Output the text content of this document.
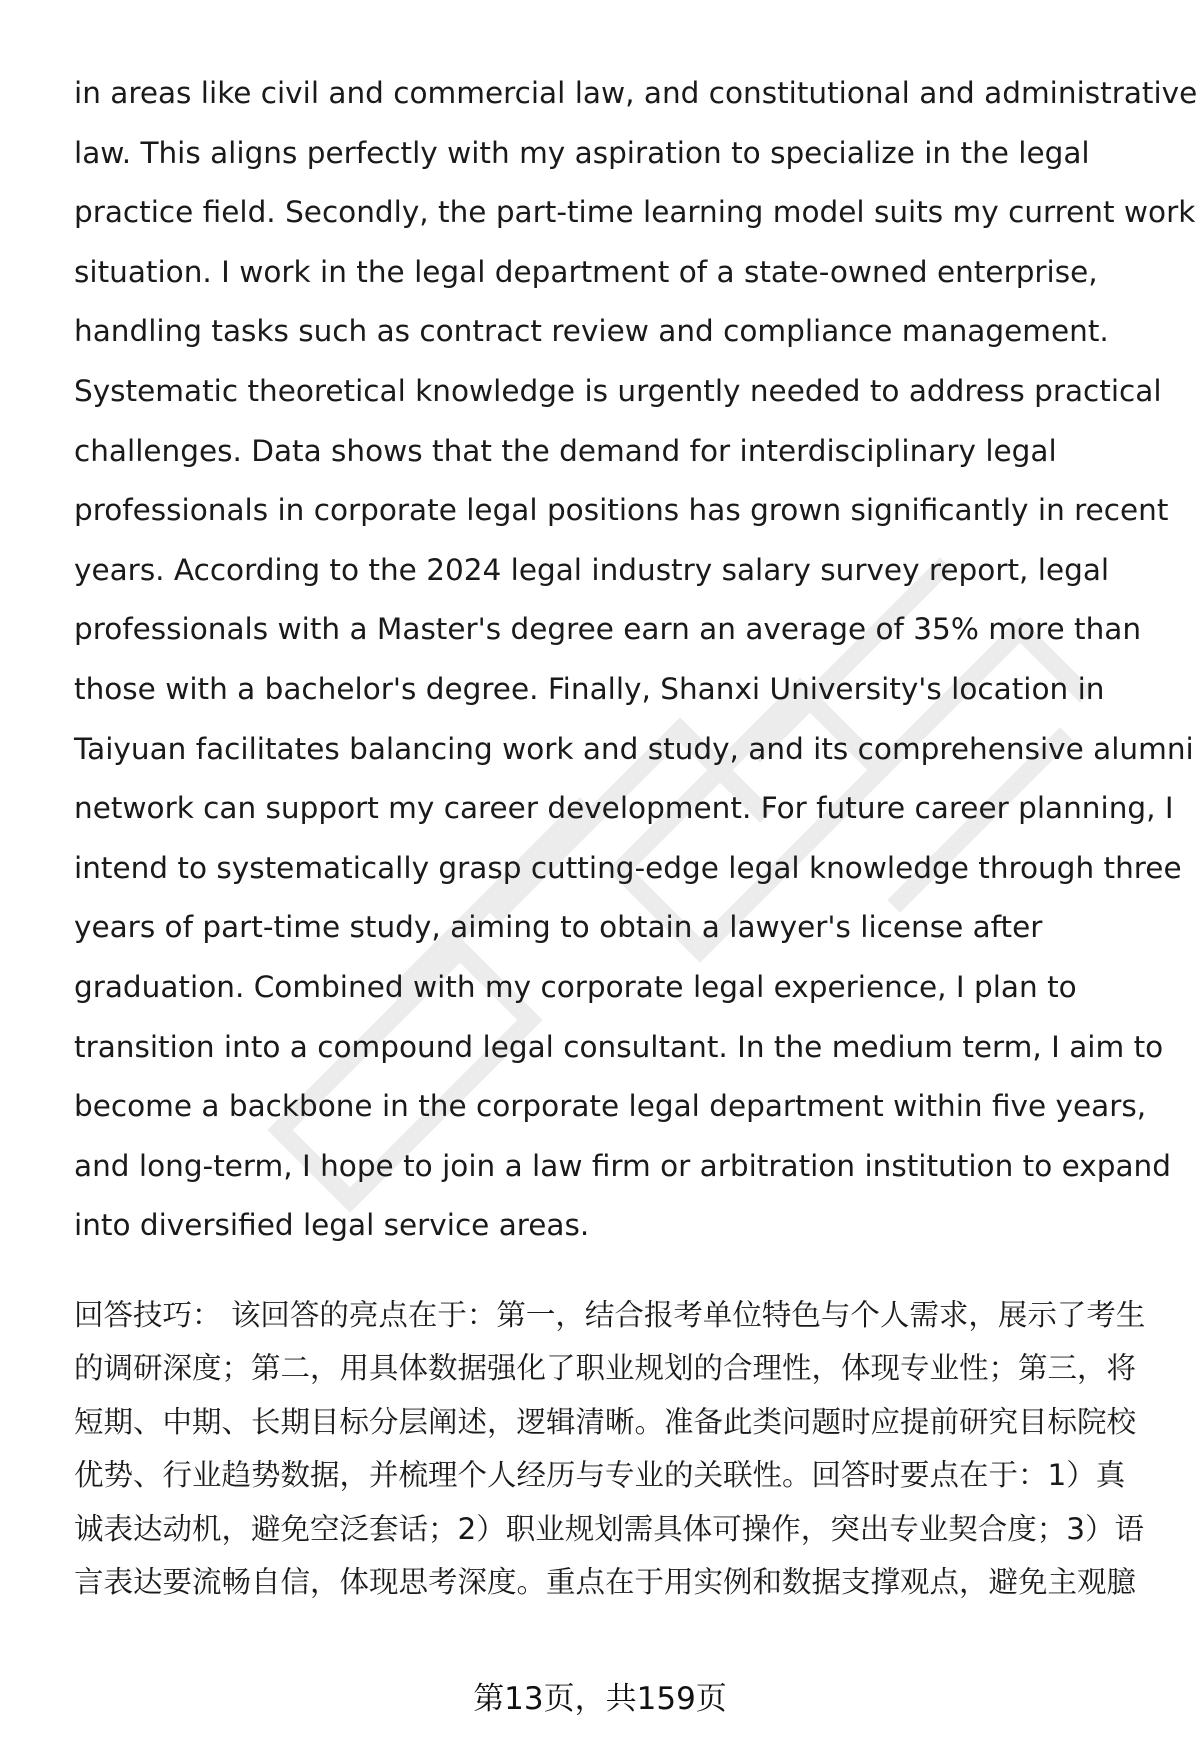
in areas like civil and commercial law, and constitutional and administrative
law. This aligns perfectly with my aspiration to specialize in the legal
practice field. Secondly, the part-time learning model suits my current work
situation. I work in the legal department of a state-owned enterprise,
handling tasks such as contract review and compliance management.
Systematic theoretical knowledge is urgently needed to address practical
challenges. Data shows that the demand for interdisciplinary legal
professionals in corporate legal positions has grown significantly in recent
years. According to the 2024 legal industry salary survey report, legal
professionals with a Master's degree earn an average of 35% more than
those with a bachelor's degree. Finally, Shanxi University's location in
Taiyuan facilitates balancing work and study, and its comprehensive alumni
network can support my career development. For future career planning, I
intend to systematically grasp cutting-edge legal knowledge through three
years of part-time study, aiming to obtain a lawyer's license after
graduation. Combined with my corporate legal experience, I plan to
transition into a compound legal consultant. In the medium term, I aim to
become a backbone in the corporate legal department within five years,
and long-term, I hope to join a law firm or arbitration institution to expand
into diversified legal service areas.
回答技巧： 该回答的亮点在于：第一，结合报考单位特色与个人需求，展示了考生
的调研深度；第二，用具体数据强化了职业规划的合理性，体现专业性；第三，将
短期、中期、长期目标分层阐述，逻辑清晰。准备此类问题时应提前研究目标院校
优势、行业趋势数据，并梳理个人经历与专业的关联性。回答时要点在于：1）真
诚表达动机，避免空泛套话；2）职业规划需具体可操作，突出专业契合度；3）语
言表达要流畅自信，体现思考深度。重点在于用实例和数据支撑观点，避免主观臆
第13页，共159页
